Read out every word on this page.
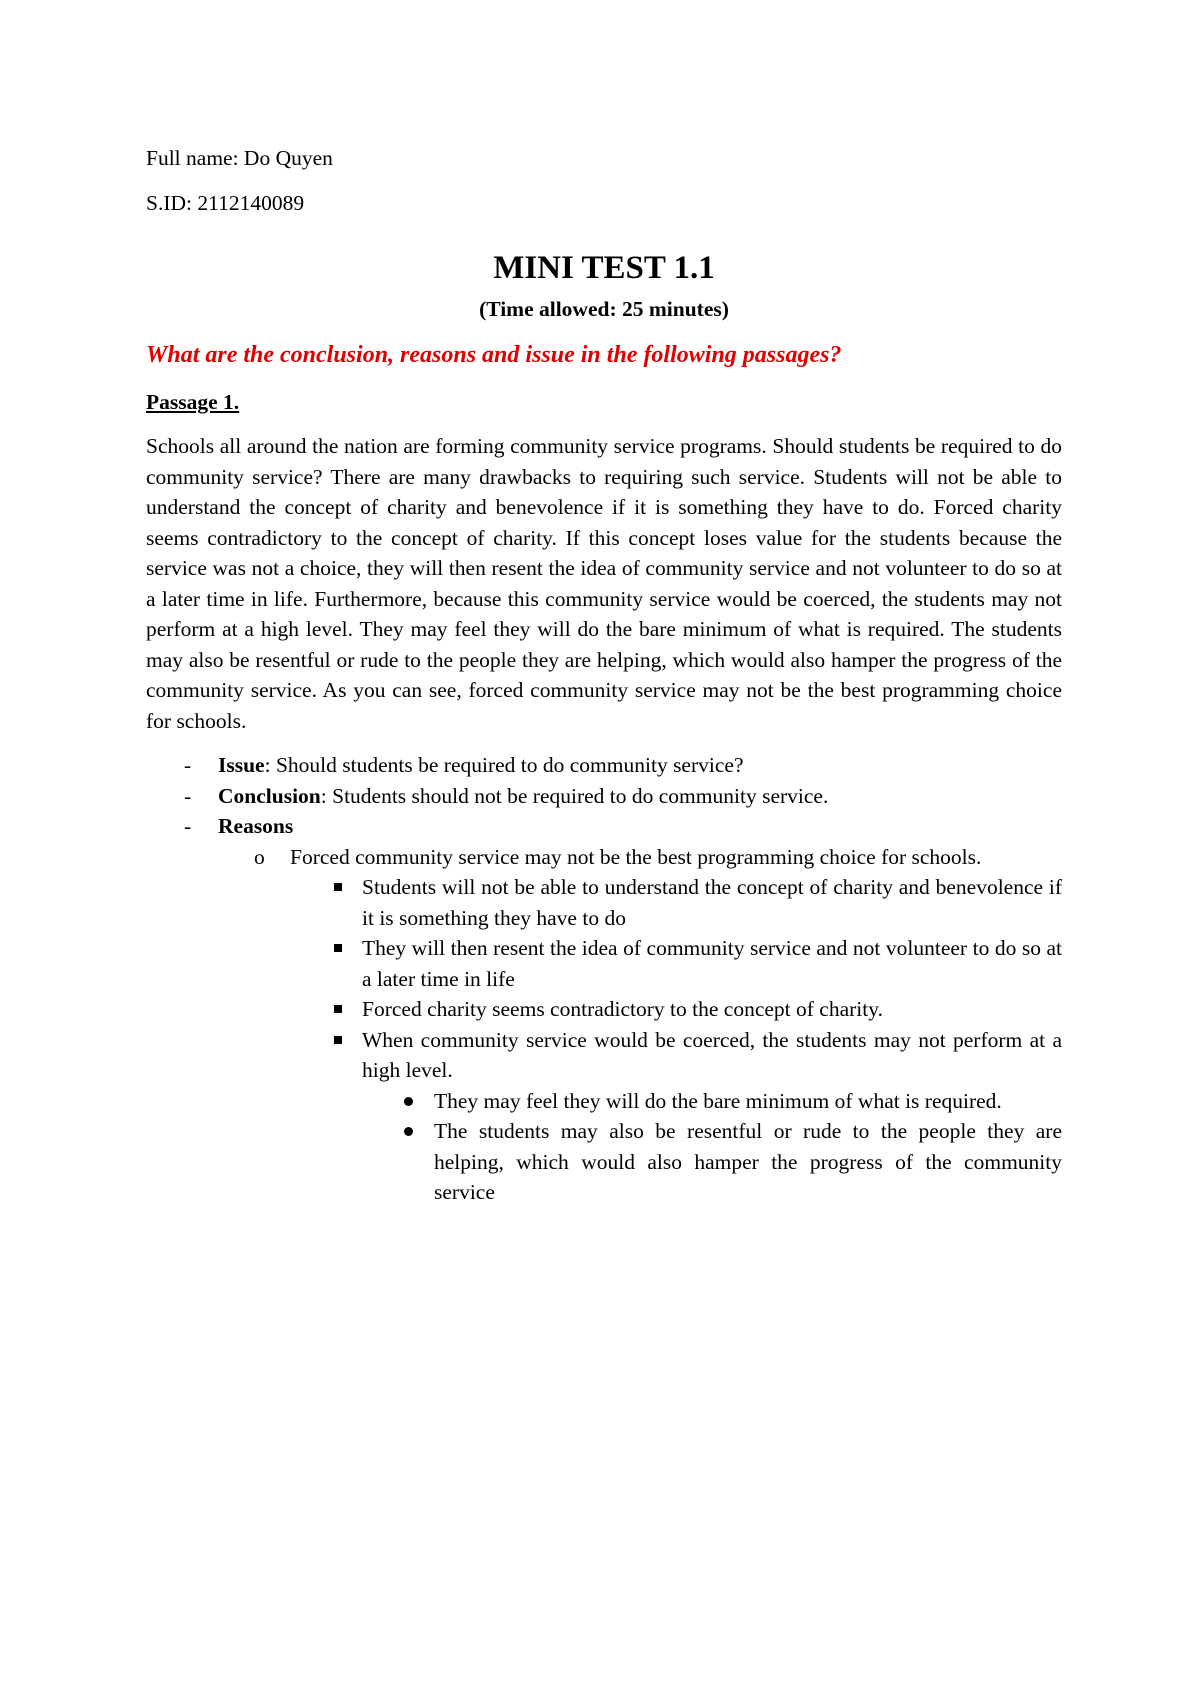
Full name: Do Quyen

S.ID: 2112140089

MINI TEST 1.1

(Time allowed: 25 minutes)

What are the conclusion, reasons and issue in the following passages?

Passage 1.

Schools all around the nation are forming community service programs. Should students be required to do community service? There are many drawbacks to requiring such service. Students will not be able to understand the concept of charity and benevolence if it is something they have to do. Forced charity seems contradictory to the concept of charity. If this concept loses value for the students because the service was not a choice, they will then resent the idea of community service and not volunteer to do so at a later time in life. Furthermore, because this community service would be coerced, the students may not perform at a high level. They may feel they will do the bare minimum of what is required. The students may also be resentful or rude to the people they are helping, which would also hamper the progress of the community service. As you can see, forced community service may not be the best programming choice for schools.

- Issue: Should students be required to do community service?
- Conclusion: Students should not be required to do community service.
- Reasons
o Forced community service may not be the best programming choice for schools.
Students will not be able to understand the concept of charity and benevolence if it is something they have to do
They will then resent the idea of community service and not volunteer to do so at a later time in life
Forced charity seems contradictory to the concept of charity.
When community service would be coerced, the students may not perform at a high level.
They may feel they will do the bare minimum of what is required.
The students may also be resentful or rude to the people they are helping, which would also hamper the progress of the community service
